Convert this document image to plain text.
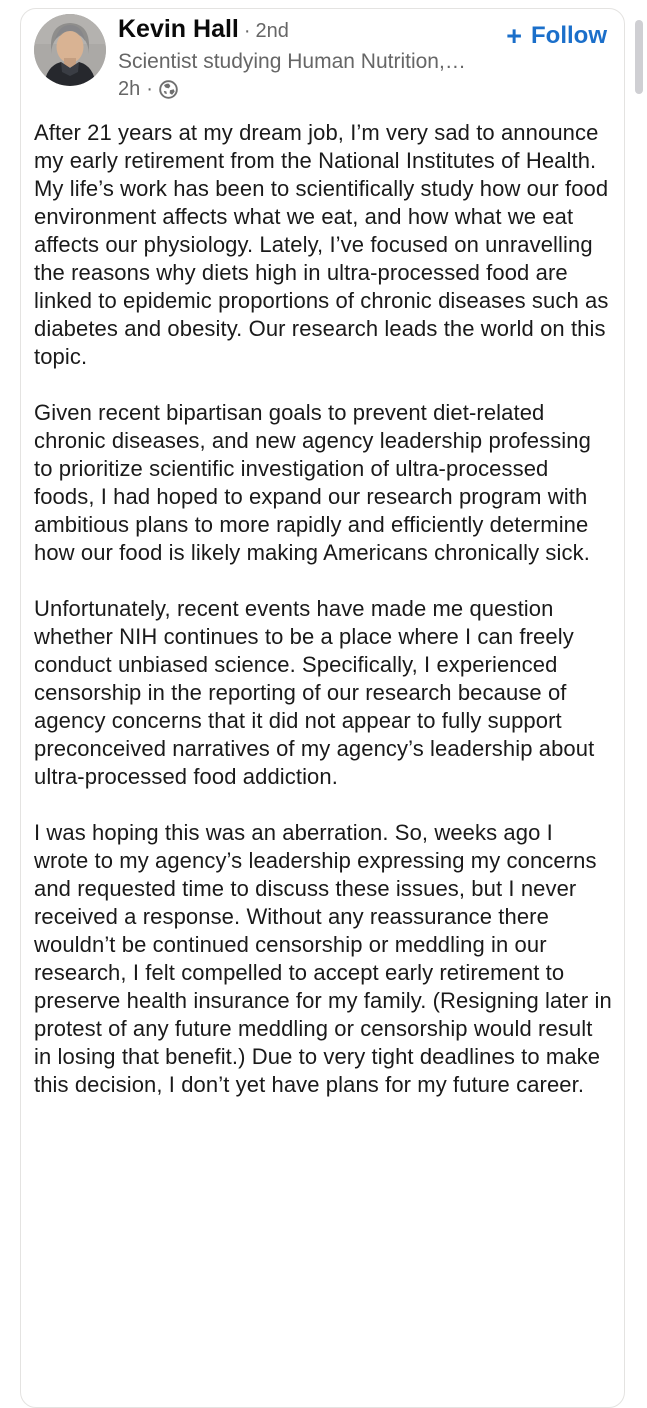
Kevin Hall · 2nd
Scientist studying Human Nutrition,…
2h ·
+ Follow

After 21 years at my dream job, I’m very sad to announce my early retirement from the National Institutes of Health. My life’s work has been to scientifically study how our food environment affects what we eat, and how what we eat affects our physiology. Lately, I’ve focused on unravelling the reasons why diets high in ultra-processed food are linked to epidemic proportions of chronic diseases such as diabetes and obesity. Our research leads the world on this topic.

Given recent bipartisan goals to prevent diet-related chronic diseases, and new agency leadership professing to prioritize scientific investigation of ultra-processed foods, I had hoped to expand our research program with ambitious plans to more rapidly and efficiently determine how our food is likely making Americans chronically sick.

Unfortunately, recent events have made me question whether NIH continues to be a place where I can freely conduct unbiased science. Specifically, I experienced censorship in the reporting of our research because of agency concerns that it did not appear to fully support preconceived narratives of my agency’s leadership about ultra-processed food addiction.

I was hoping this was an aberration. So, weeks ago I wrote to my agency’s leadership expressing my concerns and requested time to discuss these issues, but I never received a response. Without any reassurance there wouldn’t be continued censorship or meddling in our research, I felt compelled to accept early retirement to preserve health insurance for my family. (Resigning later in protest of any future meddling or censorship would result in losing that benefit.) Due to very tight deadlines to make this decision, I don’t yet have plans for my future career.
